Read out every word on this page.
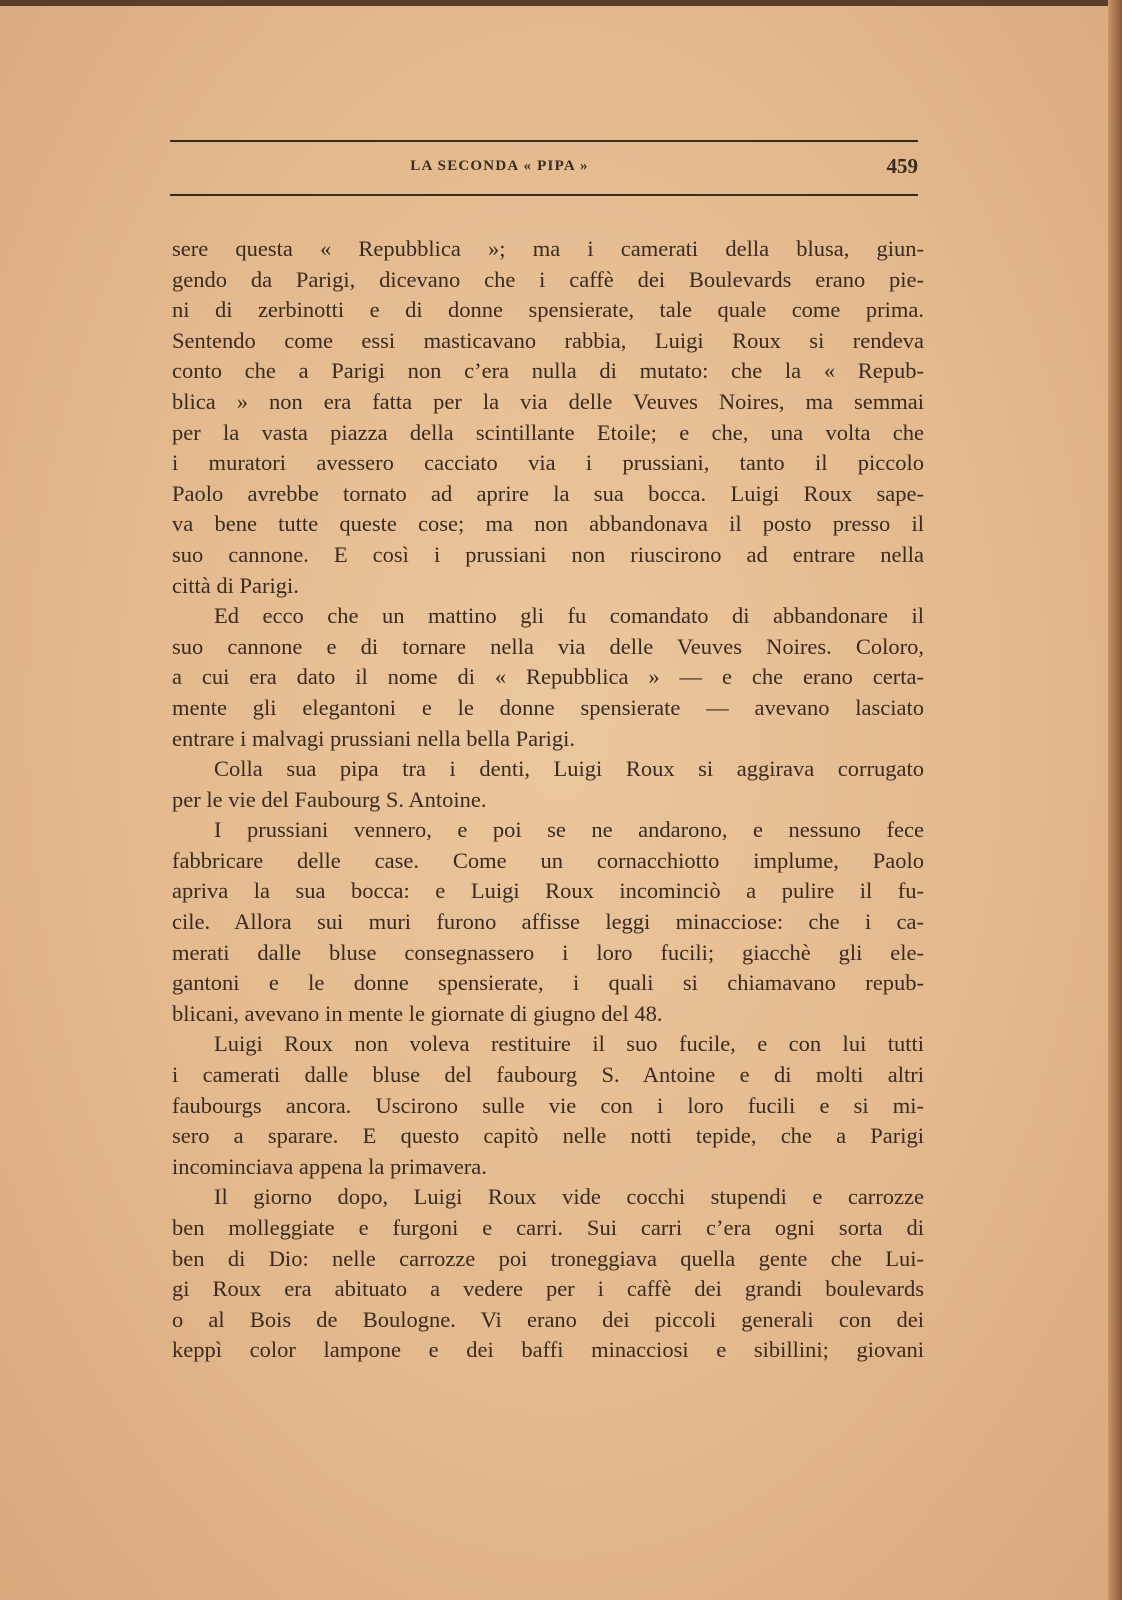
LA SECONDA « PIPA »	459
sere questa « Repubblica »; ma i camerati della blusa, giun-
gendo da Parigi, dicevano che i caffè dei Boulevards erano pie-
ni di zerbinotti e di donne spensierate, tale quale come prima.
Sentendo come essi masticavano rabbia, Luigi Roux si rendeva
conto che a Parigi non c’era nulla di mutato: che la « Repub-
blica » non era fatta per la via delle Veuves Noires, ma semmai
per la vasta piazza della scintillante Etoile; e che, una volta che
i muratori avessero cacciato via i prussiani, tanto il piccolo
Paolo avrebbe tornato ad aprire la sua bocca. Luigi Roux sape-
va bene tutte queste cose; ma non abbandonava il posto presso il
suo cannone. E così i prussiani non riuscirono ad entrare nella
città di Parigi.
Ed ecco che un mattino gli fu comandato di abbandonare il
suo cannone e di tornare nella via delle Veuves Noires. Coloro,
a cui era dato il nome di « Repubblica » — e che erano certa-
mente gli elegantoni e le donne spensierate — avevano lasciato
entrare i malvagi prussiani nella bella Parigi.
Colla sua pipa tra i denti, Luigi Roux si aggirava corrugato
per le vie del Faubourg S. Antoine.
I prussiani vennero, e poi se ne andarono, e nessuno fece
fabbricare delle case. Come un cornacchiotto implume, Paolo
apriva la sua bocca: e Luigi Roux incominciò a pulire il fu-
cile. Allora sui muri furono affisse leggi minacciose: che i ca-
merati dalle bluse consegnassero i loro fucili; giacchè gli ele-
gantoni e le donne spensierate, i quali si chiamavano repub-
blicani, avevano in mente le giornate di giugno del 48.
Luigi Roux non voleva restituire il suo fucile, e con lui tutti
i camerati dalle bluse del faubourg S. Antoine e di molti altri
faubourgs ancora. Uscirono sulle vie con i loro fucili e si mi-
sero a sparare. E questo capitò nelle notti tepide, che a Parigi
incominciava appena la primavera.
Il giorno dopo, Luigi Roux vide cocchi stupendi e carrozze
ben molleggiate e furgoni e carri. Sui carri c’era ogni sorta di
ben di Dio: nelle carrozze poi troneggiava quella gente che Lui-
gi Roux era abituato a vedere per i caffè dei grandi boulevards
o al Bois de Boulogne. Vi erano dei piccoli generali con dei
keppì color lampone e dei baffi minacciosi e sibillini; giovani
